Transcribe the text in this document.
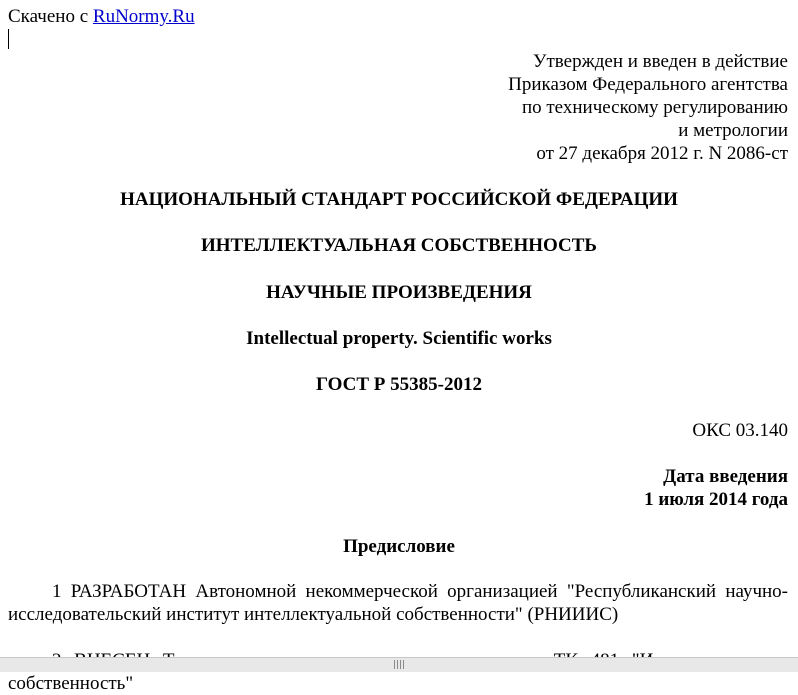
Скачено с RuNormy.Ru
Утвержден и введен в действие
Приказом Федерального агентства
по техническому регулированию
и метрологии
от 27 декабря 2012 г. N 2086-ст
НАЦИОНАЛЬНЫЙ СТАНДАРТ РОССИЙСКОЙ ФЕДЕРАЦИИ
ИНТЕЛЛЕКТУАЛЬНАЯ СОБСТВЕННОСТЬ
НАУЧНЫЕ ПРОИЗВЕДЕНИЯ
Intellectual property. Scientific works
ГОСТ Р 55385-2012
ОКС 03.140
Дата введения
1 июля 2014 года
Предисловие
1 РАЗРАБОТАН Автономной некоммерческой организацией "Республиканский научно-исследовательский институт интеллектуальной собственности" (РНИИИС)
собственность"
